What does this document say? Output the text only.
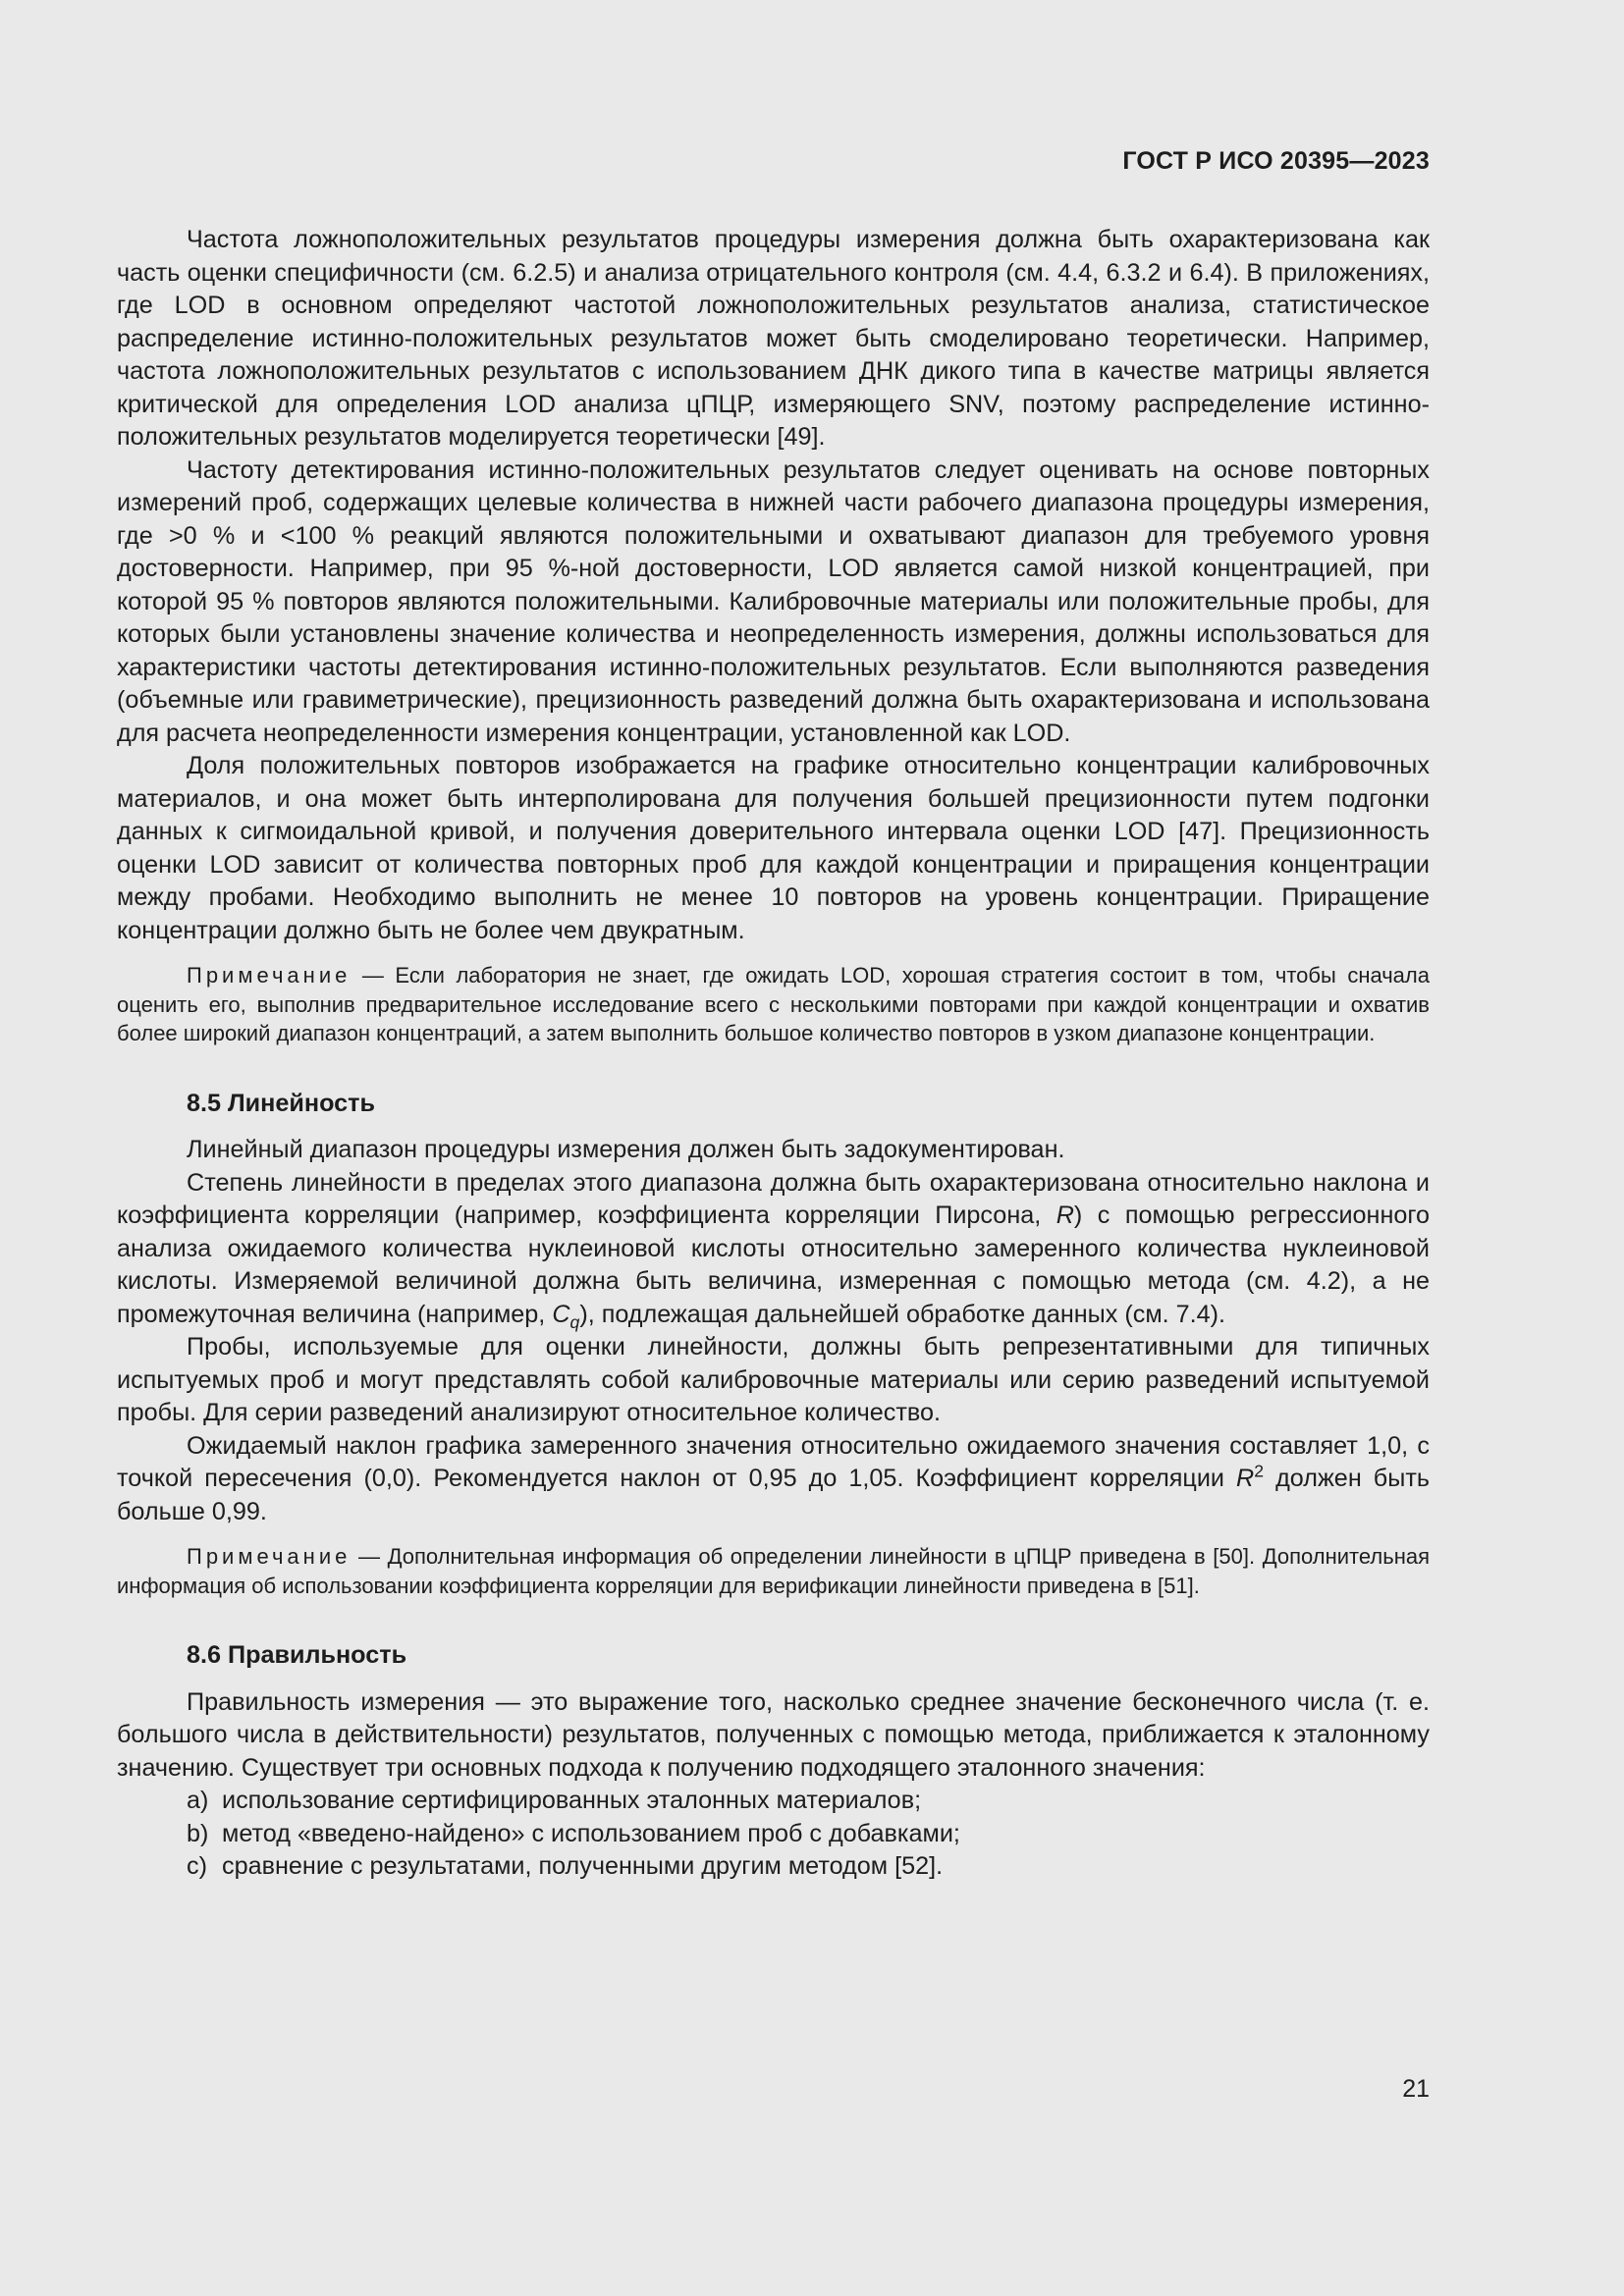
ГОСТ Р ИСО 20395—2023

Частота ложноположительных результатов процедуры измерения должна быть охарактеризована как часть оценки специфичности (см. 6.2.5) и анализа отрицательного контроля (см. 4.4, 6.3.2 и 6.4). В приложениях, где LOD в основном определяют частотой ложноположительных результатов анализа, статистическое распределение истинно-положительных результатов может быть смоделировано теоретически. Например, частота ложноположительных результатов с использованием ДНК дикого типа в качестве матрицы является критической для определения LOD анализа цПЦР, измеряющего SNV, поэтому распределение истинно-положительных результатов моделируется теоретически [49].

Частоту детектирования истинно-положительных результатов следует оценивать на основе повторных измерений проб, содержащих целевые количества в нижней части рабочего диапазона процедуры измерения, где >0 % и <100 % реакций являются положительными и охватывают диапазон для требуемого уровня достоверности. Например, при 95 %-ной достоверности, LOD является самой низкой концентрацией, при которой 95 % повторов являются положительными. Калибровочные материалы или положительные пробы, для которых были установлены значение количества и неопределенность измерения, должны использоваться для характеристики частоты детектирования истинно-положительных результатов. Если выполняются разведения (объемные или гравиметрические), прецизионность разведений должна быть охарактеризована и использована для расчета неопределенности измерения концентрации, установленной как LOD.

Доля положительных повторов изображается на графике относительно концентрации калибровочных материалов, и она может быть интерполирована для получения большей прецизионности путем подгонки данных к сигмоидальной кривой, и получения доверительного интервала оценки LOD [47]. Прецизионность оценки LOD зависит от количества повторных проб для каждой концентрации и приращения концентрации между пробами. Необходимо выполнить не менее 10 повторов на уровень концентрации. Приращение концентрации должно быть не более чем двукратным.

Примечание — Если лаборатория не знает, где ожидать LOD, хорошая стратегия состоит в том, чтобы сначала оценить его, выполнив предварительное исследование всего с несколькими повторами при каждой концентрации и охватив более широкий диапазон концентраций, а затем выполнить большое количество повторов в узком диапазоне концентрации.

8.5 Линейность

Линейный диапазон процедуры измерения должен быть задокументирован.

Степень линейности в пределах этого диапазона должна быть охарактеризована относительно наклона и коэффициента корреляции (например, коэффициента корреляции Пирсона, R) с помощью регрессионного анализа ожидаемого количества нуклеиновой кислоты относительно замеренного количества нуклеиновой кислоты. Измеряемой величиной должна быть величина, измеренная с помощью метода (см. 4.2), а не промежуточная величина (например, $C_q$), подлежащая дальнейшей обработке данных (см. 7.4).

Пробы, используемые для оценки линейности, должны быть репрезентативными для типичных испытуемых проб и могут представлять собой калибровочные материалы или серию разведений испытуемой пробы. Для серии разведений анализируют относительное количество.

Ожидаемый наклон графика замеренного значения относительно ожидаемого значения составляет 1,0, с точкой пересечения (0,0). Рекомендуется наклон от 0,95 до 1,05. Коэффициент корреляции $R^2$ должен быть больше 0,99.

Примечание — Дополнительная информация об определении линейности в цПЦР приведена в [50]. Дополнительная информация об использовании коэффициента корреляции для верификации линейности приведена в [51].

8.6 Правильность

Правильность измерения — это выражение того, насколько среднее значение бесконечного числа (т. е. большого числа в действительности) результатов, полученных с помощью метода, приближается к эталонному значению. Существует три основных подхода к получению подходящего эталонного значения:

a) использование сертифицированных эталонных материалов;
b) метод «введено-найдено» с использованием проб с добавками;
c) сравнение с результатами, полученными другим методом [52].
21
